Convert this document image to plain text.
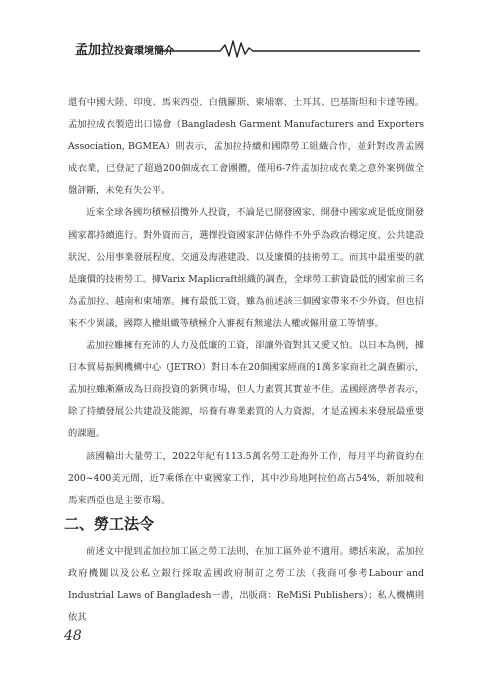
孟加拉投資環境簡介

還有中國大陸、印度、馬來西亞、白俄羅斯、柬埔寨、土耳其、巴基斯坦和卡達等國。孟加拉成衣製造出口協會（Bangladesh Garment Manufacturers and Exporters Association, BGMEA）則表示，孟加拉持續和國際勞工組織合作，並針對改善孟國成衣業，已登記了超過200個成衣工會團體，僅用6-7件孟加拉成衣業之意外案例做全盤評斷，未免有失公平。

近來全球各國均積極招攬外人投資，不論是已開發國家、開發中國家或是低度開發國家都持續進行。對外資而言，選擇投資國家評估條件不外乎為政治穩定度、公共建設狀況、公用事業發展程度、交通及海港建設、以及廉價的技術勞工。而其中最重要的就是廉價的技術勞工。據Varix Maplicraft組織的調查，全球勞工薪資最低的國家前三名為孟加拉、越南和柬埔寨。擁有最低工資，雖為前述該三個國家帶來不少外資，但也招來不少異議，國際人權組織等積極介入審視有無違法人權或僱用童工等情事。

孟加拉雖擁有充沛的人力及低廉的工資，卻讓外資對其又愛又怕。以日本為例，據日本貿易振興機構中心（JETRO）對日本在20個國家經商的1萬多家商社之調查顯示，孟加拉雖漸漸成為日商投資的新興市場，但人力素質其實並不佳。孟國經濟學者表示，除了持續發展公共建設及能源，培養有專業素質的人力資源，才是孟國未來發展最重要的課題。

該國輸出大量勞工，2022年紀有113.5萬名勞工赴海外工作，每月平均薪資約在200~400美元間，近7乘係在中東國家工作，其中沙烏地阿拉伯高占54%，新加坡和馬來西亞也是主要市場。

二、勞工法令

前述文中提到孟加拉加工區之勞工法則，在加工區外並不適用。總括來說，孟加拉政府機關以及公私立銀行採取孟國政府制訂之勞工法（我商可參考Labour and Industrial Laws of Bangladesh一書，出版商：ReMiSi Publishers）；私人機構則依其

48
